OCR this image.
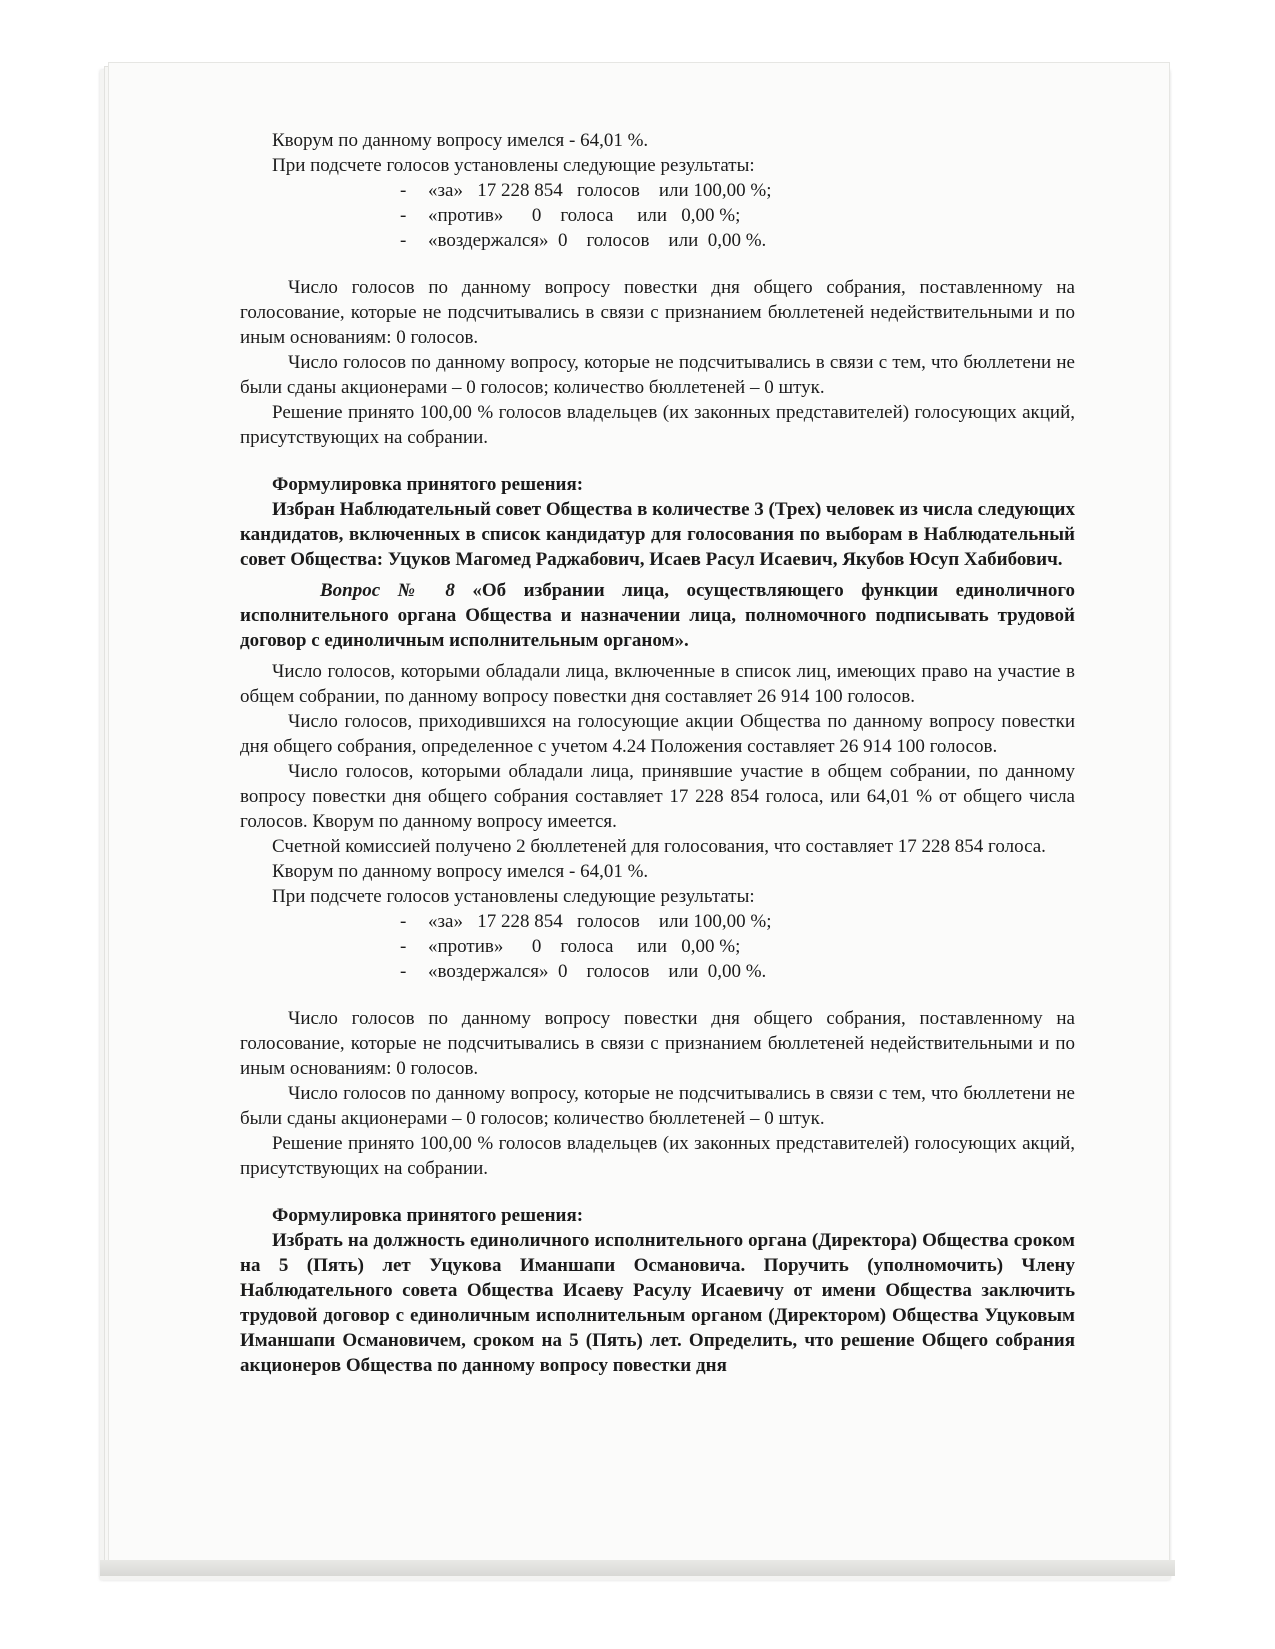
Кворум по данному вопросу имелся - 64,01 %.

При подсчете голосов установлены следующие результаты:

-	«за»   17 228 854   голосов    или 100,00 %;
-	«против»      0    голоса     или   0,00 %;
-	«воздержался»  0    голосов    или  0,00 %.

Число голосов по данному вопросу повестки дня общего собрания, поставленному на голосование, которые не подсчитывались в связи с признанием бюллетеней недействительными и по иным основаниям: 0 голосов.

Число голосов по данному вопросу, которые не подсчитывались в связи с тем, что бюллетени не были сданы акционерами – 0 голосов; количество бюллетеней – 0 штук.

Решение принято 100,00 % голосов владельцев (их законных представителей) голосующих акций, присутствующих на собрании.

Формулировка принятого решения:

Избран Наблюдательный совет Общества в количестве 3 (Трех) человек из числа следующих кандидатов, включенных в список кандидатур для голосования по выборам в Наблюдательный совет Общества: Уцуков Магомед Раджабович, Исаев Расул Исаевич, Якубов Юсуп Хабибович.

Вопрос № 8 «Об избрании лица, осуществляющего функции единоличного исполнительного органа Общества и назначении лица, полномочного подписывать трудовой договор с единоличным исполнительным органом».

Число голосов, которыми обладали лица, включенные в список лиц, имеющих право на участие в общем собрании, по данному вопросу повестки дня составляет 26 914 100 голосов.

Число голосов, приходившихся на голосующие акции Общества по данному вопросу повестки дня общего собрания, определенное с учетом 4.24 Положения составляет 26 914 100 голосов.

Число голосов, которыми обладали лица, принявшие участие в общем собрании, по данному вопросу повестки дня общего собрания составляет 17 228 854 голоса, или 64,01 % от общего числа голосов. Кворум по данному вопросу имеется.

Счетной комиссией получено 2 бюллетеней для голосования, что составляет 17 228 854 голоса.

Кворум по данному вопросу имелся - 64,01 %.

При подсчете голосов установлены следующие результаты:

-	«за»   17 228 854   голосов    или 100,00 %;
-	«против»      0    голоса     или   0,00 %;
-	«воздержался»  0    голосов    или  0,00 %.

Число голосов по данному вопросу повестки дня общего собрания, поставленному на голосование, которые не подсчитывались в связи с признанием бюллетеней недействительными и по иным основаниям: 0 голосов.

Число голосов по данному вопросу, которые не подсчитывались в связи с тем, что бюллетени не были сданы акционерами – 0 голосов; количество бюллетеней – 0 штук.

Решение принято 100,00 % голосов владельцев (их законных представителей) голосующих акций, присутствующих на собрании.

Формулировка принятого решения:

Избрать на должность единоличного исполнительного органа (Директора) Общества сроком на 5 (Пять) лет Уцукова Иманшапи Османовича. Поручить (уполномочить) Члену Наблюдательного совета Общества Исаеву Расулу Исаевичу от имени Общества заключить трудовой договор с единоличным исполнительным органом (Директором) Общества Уцуковым Иманшапи Османовичем, сроком на 5 (Пять) лет. Определить, что решение Общего собрания акционеров Общества по данному вопросу повестки дня
